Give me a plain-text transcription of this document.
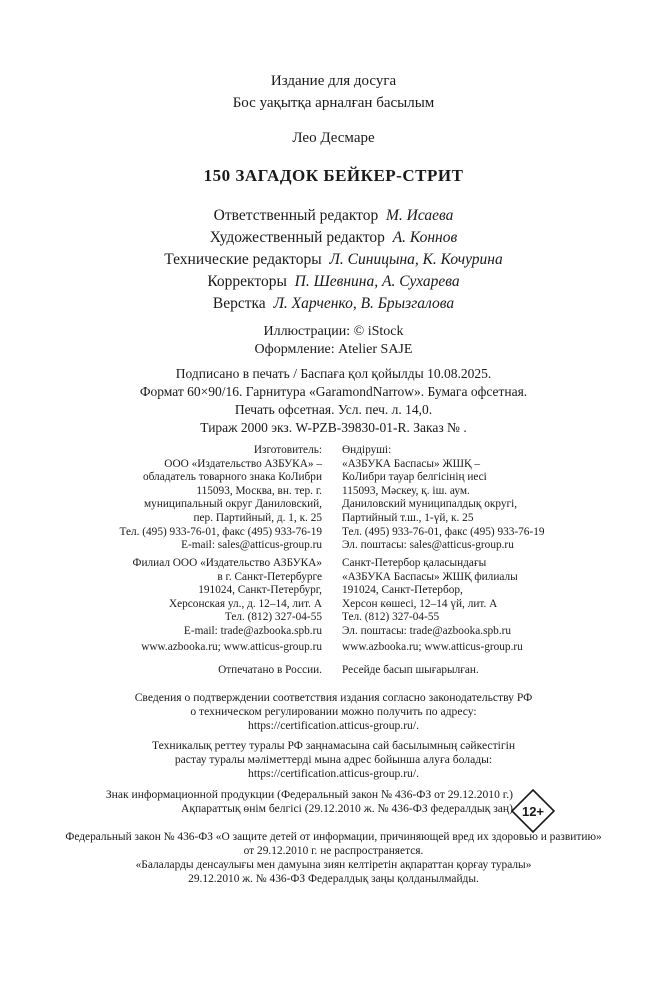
Издание для досуга
Бос уақытқа арналған басылым
Лео Десмаре
150 ЗАГАДОК БЕЙКЕР-СТРИТ
Ответственный редактор М. Исаева
Художественный редактор А. Коннов
Технические редакторы Л. Синицына, К. Кочурина
Корректоры П. Шевнина, А. Сухарева
Верстка Л. Харченко, В. Брызгалова
Иллюстрации: © iStock
Оформление: Atelier SAJE
Подписано в печать / Баспаға қол қойылды 10.08.2025.
Формат 60×90/16. Гарнитура «GaramondNarrow». Бумага офсетная.
Печать офсетная. Усл. печ. л. 14,0.
Тираж 2000 экз. W-PZB-39830-01-R. Заказ № .
Изготовитель:
ООО «Издательство АЗБУКА» –
обладатель товарного знака КоЛибри
115093, Москва, вн. тер. г.
муниципальный округ Даниловский,
пер. Партийный, д. 1, к. 25
Тел. (495) 933-76-01, факс (495) 933-76-19
E-mail: sales@atticus-group.ru
Өндіруші:
«АЗБУКА Баспасы» ЖШҚ –
КоЛибри тауар белгісінің иесі
115093, Мәскеу, қ. іш. аум.
Даниловский муниципалдық округі,
Партийный т.ш., 1-үй, к. 25
Тел. (495) 933-76-01, факс (495) 933-76-19
Эл. поштасы: sales@atticus-group.ru
Филиал ООО «Издательство АЗБУКА»
в г. Санкт-Петербурге
191024, Санкт-Петербург,
Херсонская ул., д. 12–14, лит. А
Тел. (812) 327-04-55
E-mail: trade@azbooka.spb.ru
Санкт-Петербор қаласындағы
«АЗБУКА Баспасы» ЖШҚ филиалы
191024, Санкт-Петербор,
Херсон көшесі, 12–14 үй, лит. А
Тел. (812) 327-04-55
Эл. поштасы: trade@azbooka.spb.ru
www.azbooka.ru; www.atticus-group.ru www.azbooka.ru; www.atticus-group.ru
Отпечатано в России. Ресейде басып шығарылған.
Сведения о подтверждении соответствия издания согласно законодательству РФ
о техническом регулировании можно получить по адресу:
https://certification.atticus-group.ru/.
Техникалық реттеу туралы РФ заңнамасына сай басылымның сәйкестігін
растау туралы мәліметтерді мына адрес бойынша алуға болады:
https://certification.atticus-group.ru/.
Знак информационной продукции (Федеральный закон № 436-ФЗ от 29.12.2010 г.)
Ақпараттық өнім белгісі (29.12.2010 ж. № 436-ФЗ федералдық заң) 12+
Федеральный закон № 436-ФЗ «О защите детей от информации, причиняющей вред их здоровью и развитию»
от 29.12.2010 г. не распространяется.
«Балаларды денсаулығы мен дамуына зиян келтіретін ақпараттан қорғау туралы»
29.12.2010 ж. № 436-ФЗ Федералдық заңы қолданылмайды.
